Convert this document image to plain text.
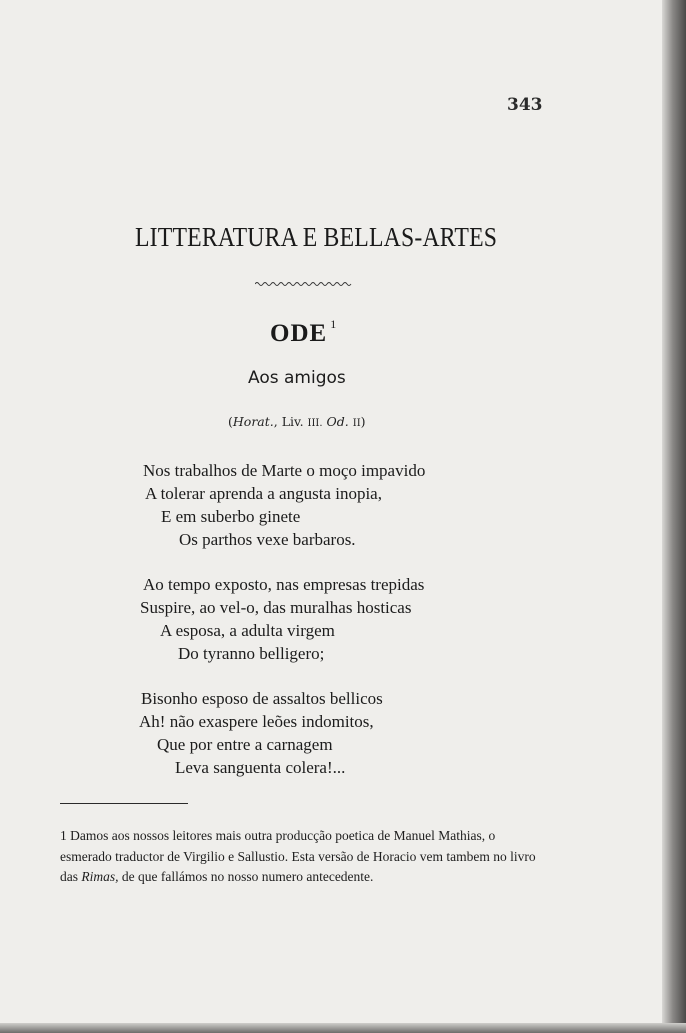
343
LITTERATURA E BELLAS-ARTES
ODE $^1$
Aos amigos
(Horat., Liv. III. Od. II)
Nos trabalhos de Marte o moço impavido
A tolerar aprenda a angusta inopia,
E em suberbo ginete
Os parthos vexe barbaros.
Ao tempo exposto, nas empresas trepidas
Suspire, ao vel-o, das muralhas hosticas
A esposa, a adulta virgem
Do tyranno belligero;
Bisonho esposo de assaltos bellicos
Ah! não exaspere leões indomitos,
Que por entre a carnagem
Leva sanguenta colera!...
1 Damos aos nossos leitores mais outra producção poetica de Manuel Mathias, o esmerado traductor de Virgilio e Sallustio. Esta versão de Horacio vem tambem no livro das Rimas, de que fallámos no nosso numero antecedente.
